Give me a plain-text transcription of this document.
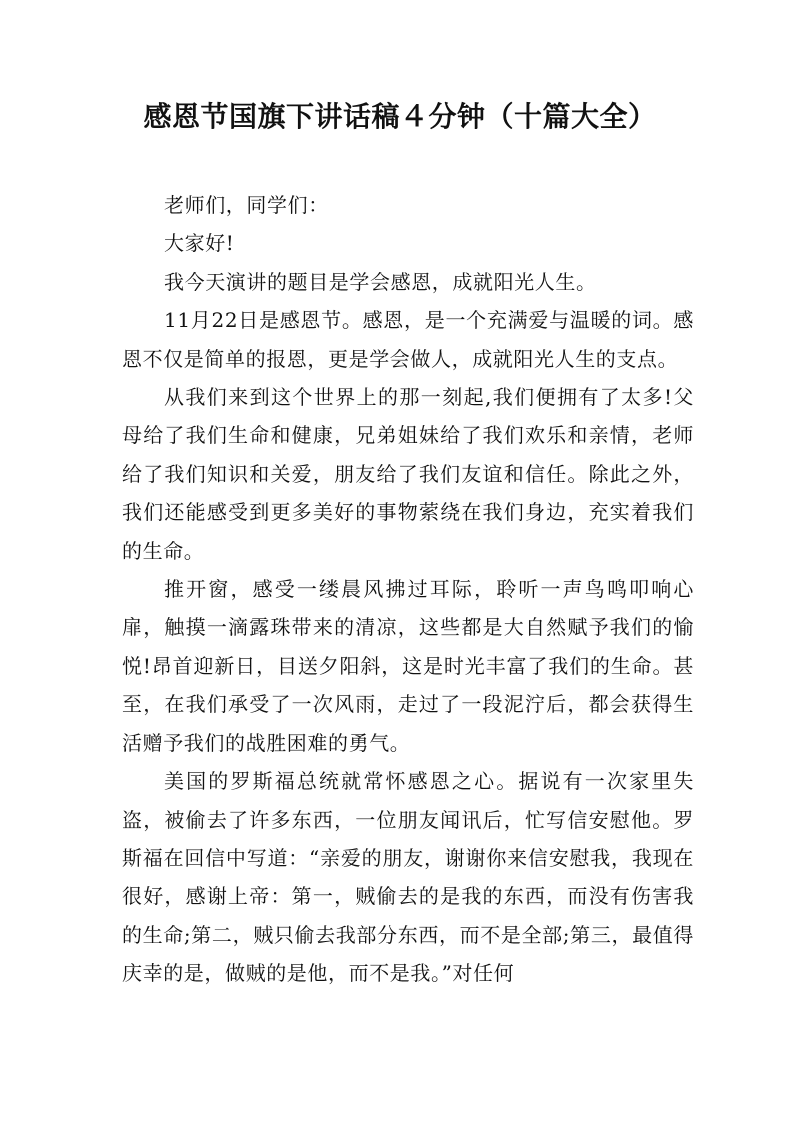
感恩节国旗下讲话稿４分钟（十篇大全）

老师们，同学们：

大家好!

我今天演讲的题目是学会感恩，成就阳光人生。

11月22日是感恩节。感恩，是一个充满爱与温暖的词。感恩不仅是简单的报恩，更是学会做人，成就阳光人生的支点。

从我们来到这个世界上的那一刻起,我们便拥有了太多!父母给了我们生命和健康，兄弟姐妹给了我们欢乐和亲情，老师给了我们知识和关爱，朋友给了我们友谊和信任。除此之外，我们还能感受到更多美好的事物萦绕在我们身边，充实着我们的生命。

推开窗，感受一缕晨风拂过耳际，聆听一声鸟鸣叩响心扉，触摸一滴露珠带来的清凉，这些都是大自然赋予我们的愉悦!昂首迎新日，目送夕阳斜，这是时光丰富了我们的生命。甚至，在我们承受了一次风雨，走过了一段泥泞后，都会获得生活赠予我们的战胜困难的勇气。

美国的罗斯福总统就常怀感恩之心。据说有一次家里失盗，被偷去了许多东西，一位朋友闻讯后，忙写信安慰他。罗斯福在回信中写道：“亲爱的朋友，谢谢你来信安慰我，我现在很好，感谢上帝：第一，贼偷去的是我的东西，而没有伤害我的生命;第二，贼只偷去我部分东西，而不是全部;第三，最值得庆幸的是，做贼的是他，而不是我。”对任何
